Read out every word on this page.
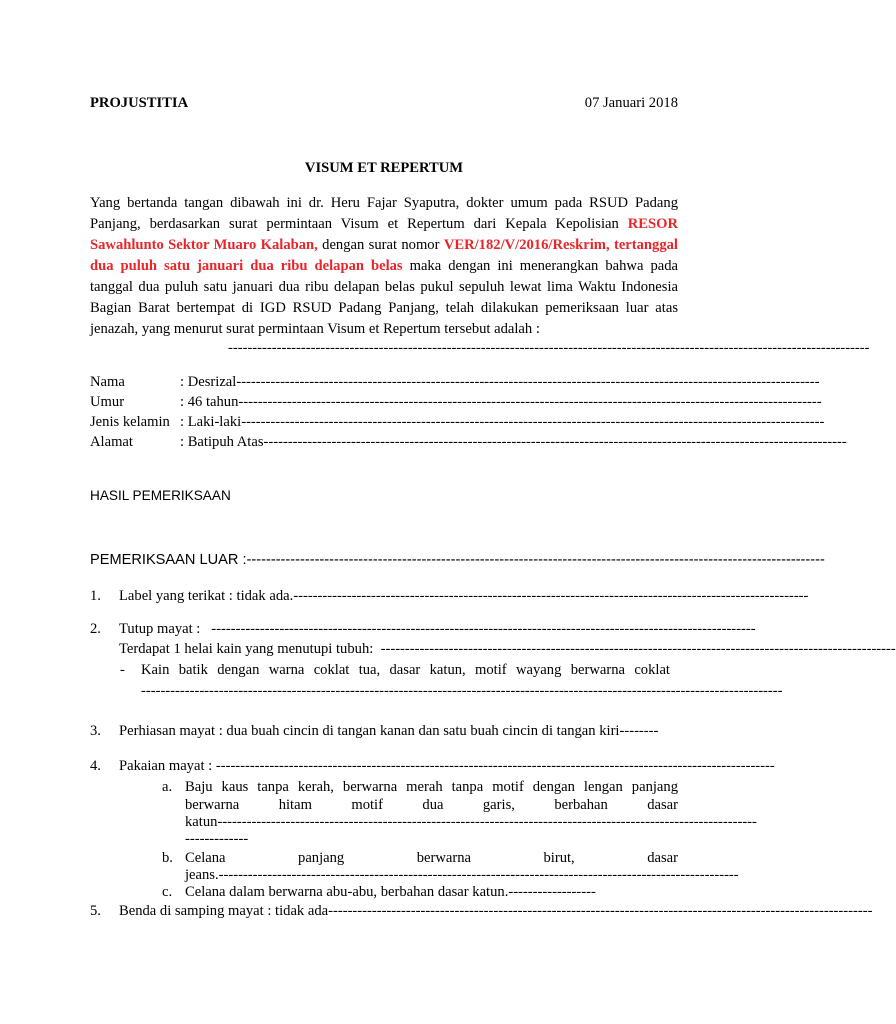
PROJUSTITIA	07 Januari 2018
VISUM ET REPERTUM
Yang bertanda tangan dibawah ini dr. Heru Fajar Syaputra, dokter umum pada RSUD Padang Panjang, berdasarkan surat permintaan Visum et Repertum dari Kepala Kepolisian RESOR Sawahlunto Sektor Muaro Kalaban, dengan surat nomor VER/182/V/2016/Reskrim, tertanggal dua puluh satu januari dua ribu delapan belas maka dengan ini menerangkan bahwa pada tanggal dua puluh satu januari dua ribu delapan belas pukul sepuluh lewat lima Waktu Indonesia Bagian Barat bertempat di IGD RSUD Padang Panjang, telah dilakukan pemeriksaan luar atas jenazah, yang menurut surat permintaan Visum et Repertum tersebut adalah :
------------------------------------------------------------------------------------------------------------------------------------
Nama	: Desrizal------------------------------------------------------------------------------------------------------------------------
Umur	: 46 tahun------------------------------------------------------------------------------------------------------------------------
Jenis kelamin : Laki-laki------------------------------------------------------------------------------------------------------------------------
Alamat	: Batipuh Atas------------------------------------------------------------------------------------------------------------------------
HASIL PEMERIKSAAN
PEMERIKSAAN LUAR :-----------------------------------------------------------------------------------------------------------------------
1. Label yang terikat : tidak ada.----------------------------------------------------------------------------------------------------------
2. Tutup mayat :   ----------------------------------------------------------------------------------------------------------------
Terdapat 1 helai kain yang menutupi tubuh:  ----------------------------------------------------------------------------------------------------------
- Kain batik dengan warna coklat tua, dasar katun, motif wayang berwarna coklat
------------------------------------------------------------------------------------------------------------------------------------
3. Perhiasan mayat : dua buah cincin di tangan kanan dan satu buah cincin di tangan kiri--------
4. Pakaian mayat : -------------------------------------------------------------------------------------------------------------------
a. Baju kaus tanpa kerah, berwarna merah tanpa motif dengan lengan panjang
berwarna	hitam	motif	dua	garis,	berbahan	dasar
katun---------------------------------------------------------------------------------------------------------------
-------------
b. Celana	panjang	berwarna	birut,	dasar
jeans.-----------------------------------------------------------------------------------------------------------
c. Celana dalam berwarna abu-abu, berbahan dasar katun.------------------
5. Benda di samping mayat : tidak ada----------------------------------------------------------------------------------------------------------------
